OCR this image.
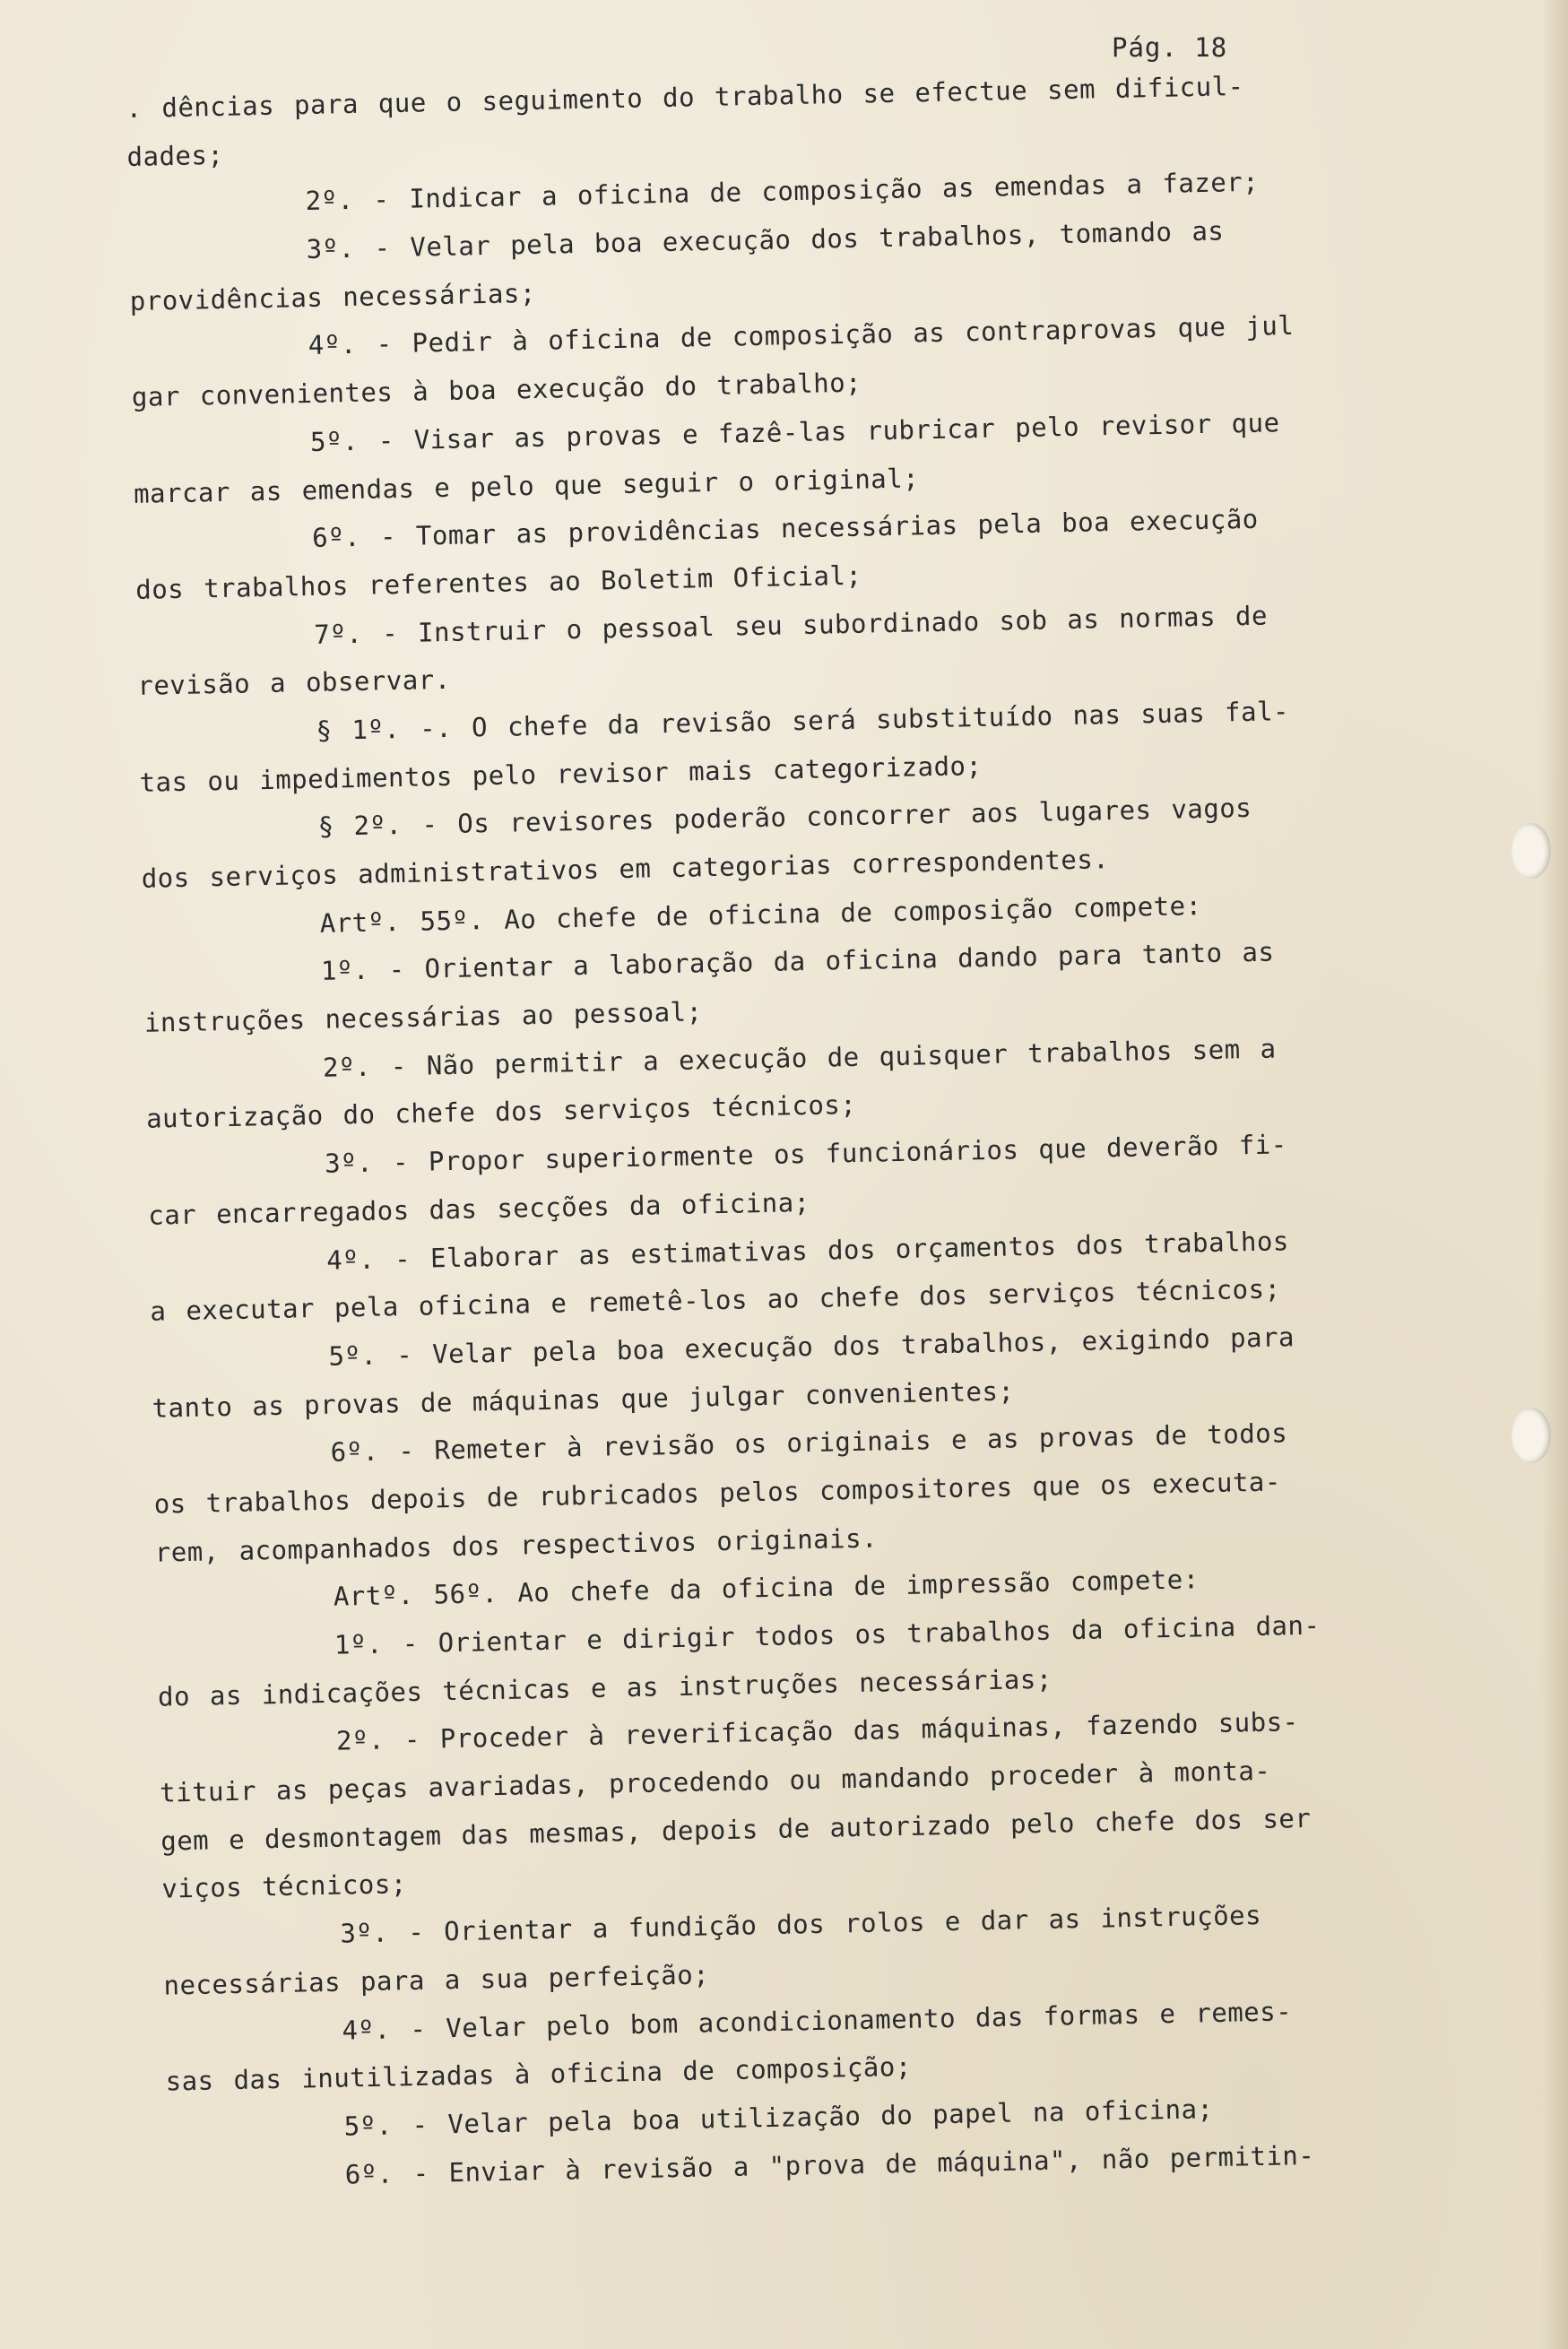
Pág. 18
. dências para que o seguimento do trabalho se efectue sem dificul-
dades;
2º. - Indicar a oficina de composição as emendas a fazer;
3º. - Velar pela boa execução dos trabalhos, tomando as
providências necessárias;
4º. - Pedir à oficina de composição as contraprovas que jul
gar convenientes à boa execução do trabalho;
5º. - Visar as provas e fazê-las rubricar pelo revisor que
marcar as emendas e pelo que seguir o original;
6º. - Tomar as providências necessárias pela boa execução
dos trabalhos referentes ao Boletim Oficial;
7º. - Instruir o pessoal seu subordinado sob as normas de
revisão a observar.
§ 1º. -. O chefe da revisão será substituído nas suas fal-
tas ou impedimentos pelo revisor mais categorizado;
§ 2º. - Os revisores poderão concorrer aos lugares vagos
dos serviços administrativos em categorias correspondentes.
Artº. 55º. Ao chefe de oficina de composição compete:
1º. - Orientar a laboração da oficina dando para tanto as
instruções necessárias ao pessoal;
2º. - Não permitir a execução de quisquer trabalhos sem a
autorização do chefe dos serviços técnicos;
3º. - Propor superiormente os funcionários que deverão fi-
car encarregados das secções da oficina;
4º. - Elaborar as estimativas dos orçamentos dos trabalhos
a executar pela oficina e remetê-los ao chefe dos serviços técnicos;
5º. - Velar pela boa execução dos trabalhos, exigindo para
tanto as provas de máquinas que julgar convenientes;
6º. - Remeter à revisão os originais e as provas de todos
os trabalhos depois de rubricados pelos compositores que os executa-
rem, acompanhados dos respectivos originais.
Artº. 56º. Ao chefe da oficina de impressão compete:
1º. - Orientar e dirigir todos os trabalhos da oficina dan-
do as indicações técnicas e as instruções necessárias;
2º. - Proceder à reverificação das máquinas, fazendo subs-
tituir as peças avariadas, procedendo ou mandando proceder à monta-
gem e desmontagem das mesmas, depois de autorizado pelo chefe dos ser
viços técnicos;
3º. - Orientar a fundição dos rolos e dar as instruções
necessárias para a sua perfeição;
4º. - Velar pelo bom acondicionamento das formas e remes-
sas das inutilizadas à oficina de composição;
5º. - Velar pela boa utilização do papel na oficina;
6º. - Enviar à revisão a "prova de máquina", não permitin-
